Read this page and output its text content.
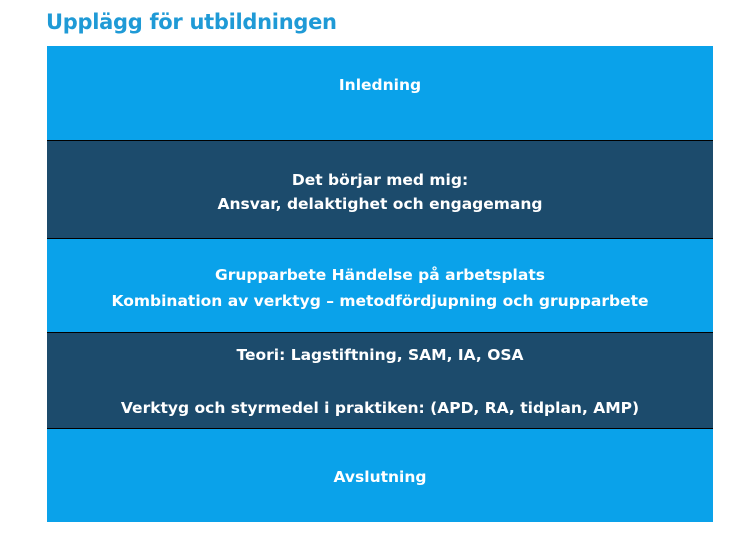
Upplägg för utbildningen
Inledning
Det börjar med mig:
Ansvar, delaktighet och engagemang
Grupparbete Händelse på arbetsplats
Kombination av verktyg – metodfördjupning och grupparbete
Teori: Lagstiftning, SAM, IA, OSA
Verktyg och styrmedel i praktiken: (APD, RA, tidplan, AMP)
Avslutning
